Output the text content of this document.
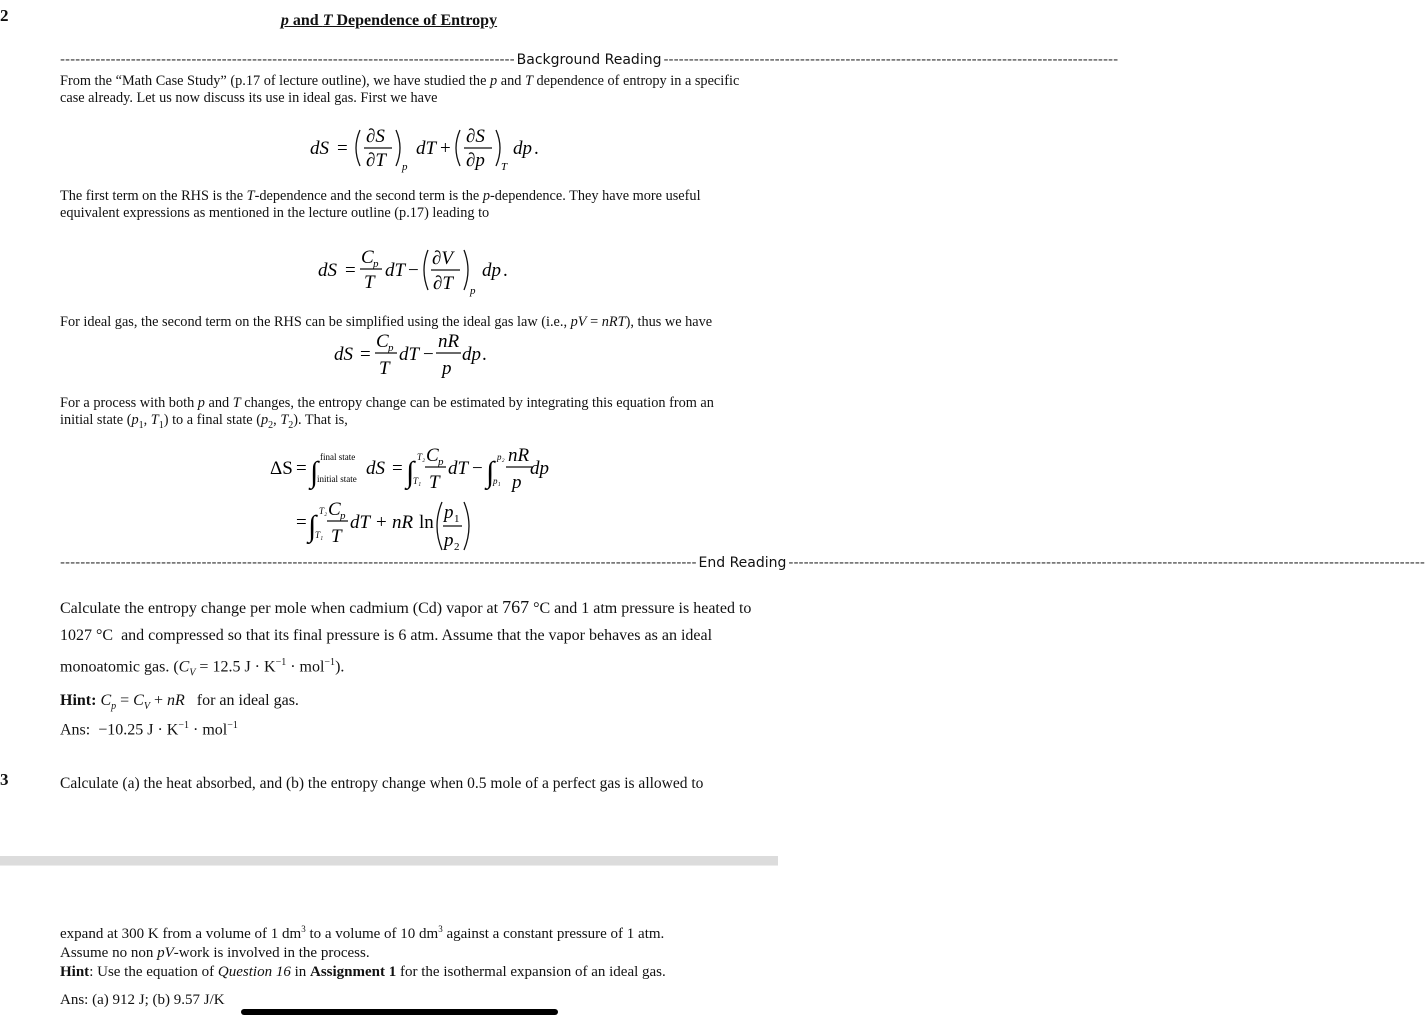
2	p and T Dependence of Entropy
------------------------------------------------------------------------------------------ Background Reading ------------------------------------------------------------------------------------------
From the “Math Case Study” (p.17 of lecture outline), we have studied the p and T dependence of entropy in a specific
case already. Let us now discuss its use in ideal gas. First we have
dS =
∂S
∂T p
dT +
∂S
∂p T
dp .
The first term on the RHS is the T-dependence and the second term is the p-dependence. They have more useful
equivalent expressions as mentioned in the lecture outline (p.17) leading to
dS =
C p
T
dT −
∂V
∂T p
dp .
For ideal gas, the second term on the RHS can be simplified using the ideal gas law (i.e., pV = nRT), thus we have
dS =
C p
T
dT −
nR
p
dp .
For a process with both p and T changes, the entropy change can be estimated by integrating this equation from an
initial state ($p_1$, $T_1$) to a final state ($p_2$, $T_2$). That is,
ΔS = ∫ final state
initial state dS = ∫ T₂
T₁
C p
T
dT − ∫ p₂
p₁
nR
p
dp
= ∫ T₂
T₁
C p
T
dT + nR ln p 1
p 2
------------------------------------------------------------------------------------------------------------------------------ End Reading ------------------------------------------------------------------------------------------------------------------------------
Calculate the entropy change per mole when cadmium (Cd) vapor at 767 °C and 1 atm pressure is heated to
1027 °C  and compressed so that its final pressure is 6 atm. Assume that the vapor behaves as an ideal
monoatomic gas. ($C_V = 12.5$ $J \cdot K^{-1} \cdot mol^{-1}$).
Hint: $C_p = C_V$ + nR   for an ideal gas.
Ans:  −10.25 $J \cdot K^{-1} \cdot mol^{-1}$
3	Calculate (a) the heat absorbed, and (b) the entropy change when 0.5 mole of a perfect gas is allowed to
expand at 300 K from a volume of 1 $dm^3$ to a volume of 10 $dm^3$ against a constant pressure of 1 atm.
Assume no non pV-work is involved in the process.
Hint: Use the equation of Question 16 in Assignment 1 for the isothermal expansion of an ideal gas.
Ans: (a) 912 J; (b) 9.57 J/K
